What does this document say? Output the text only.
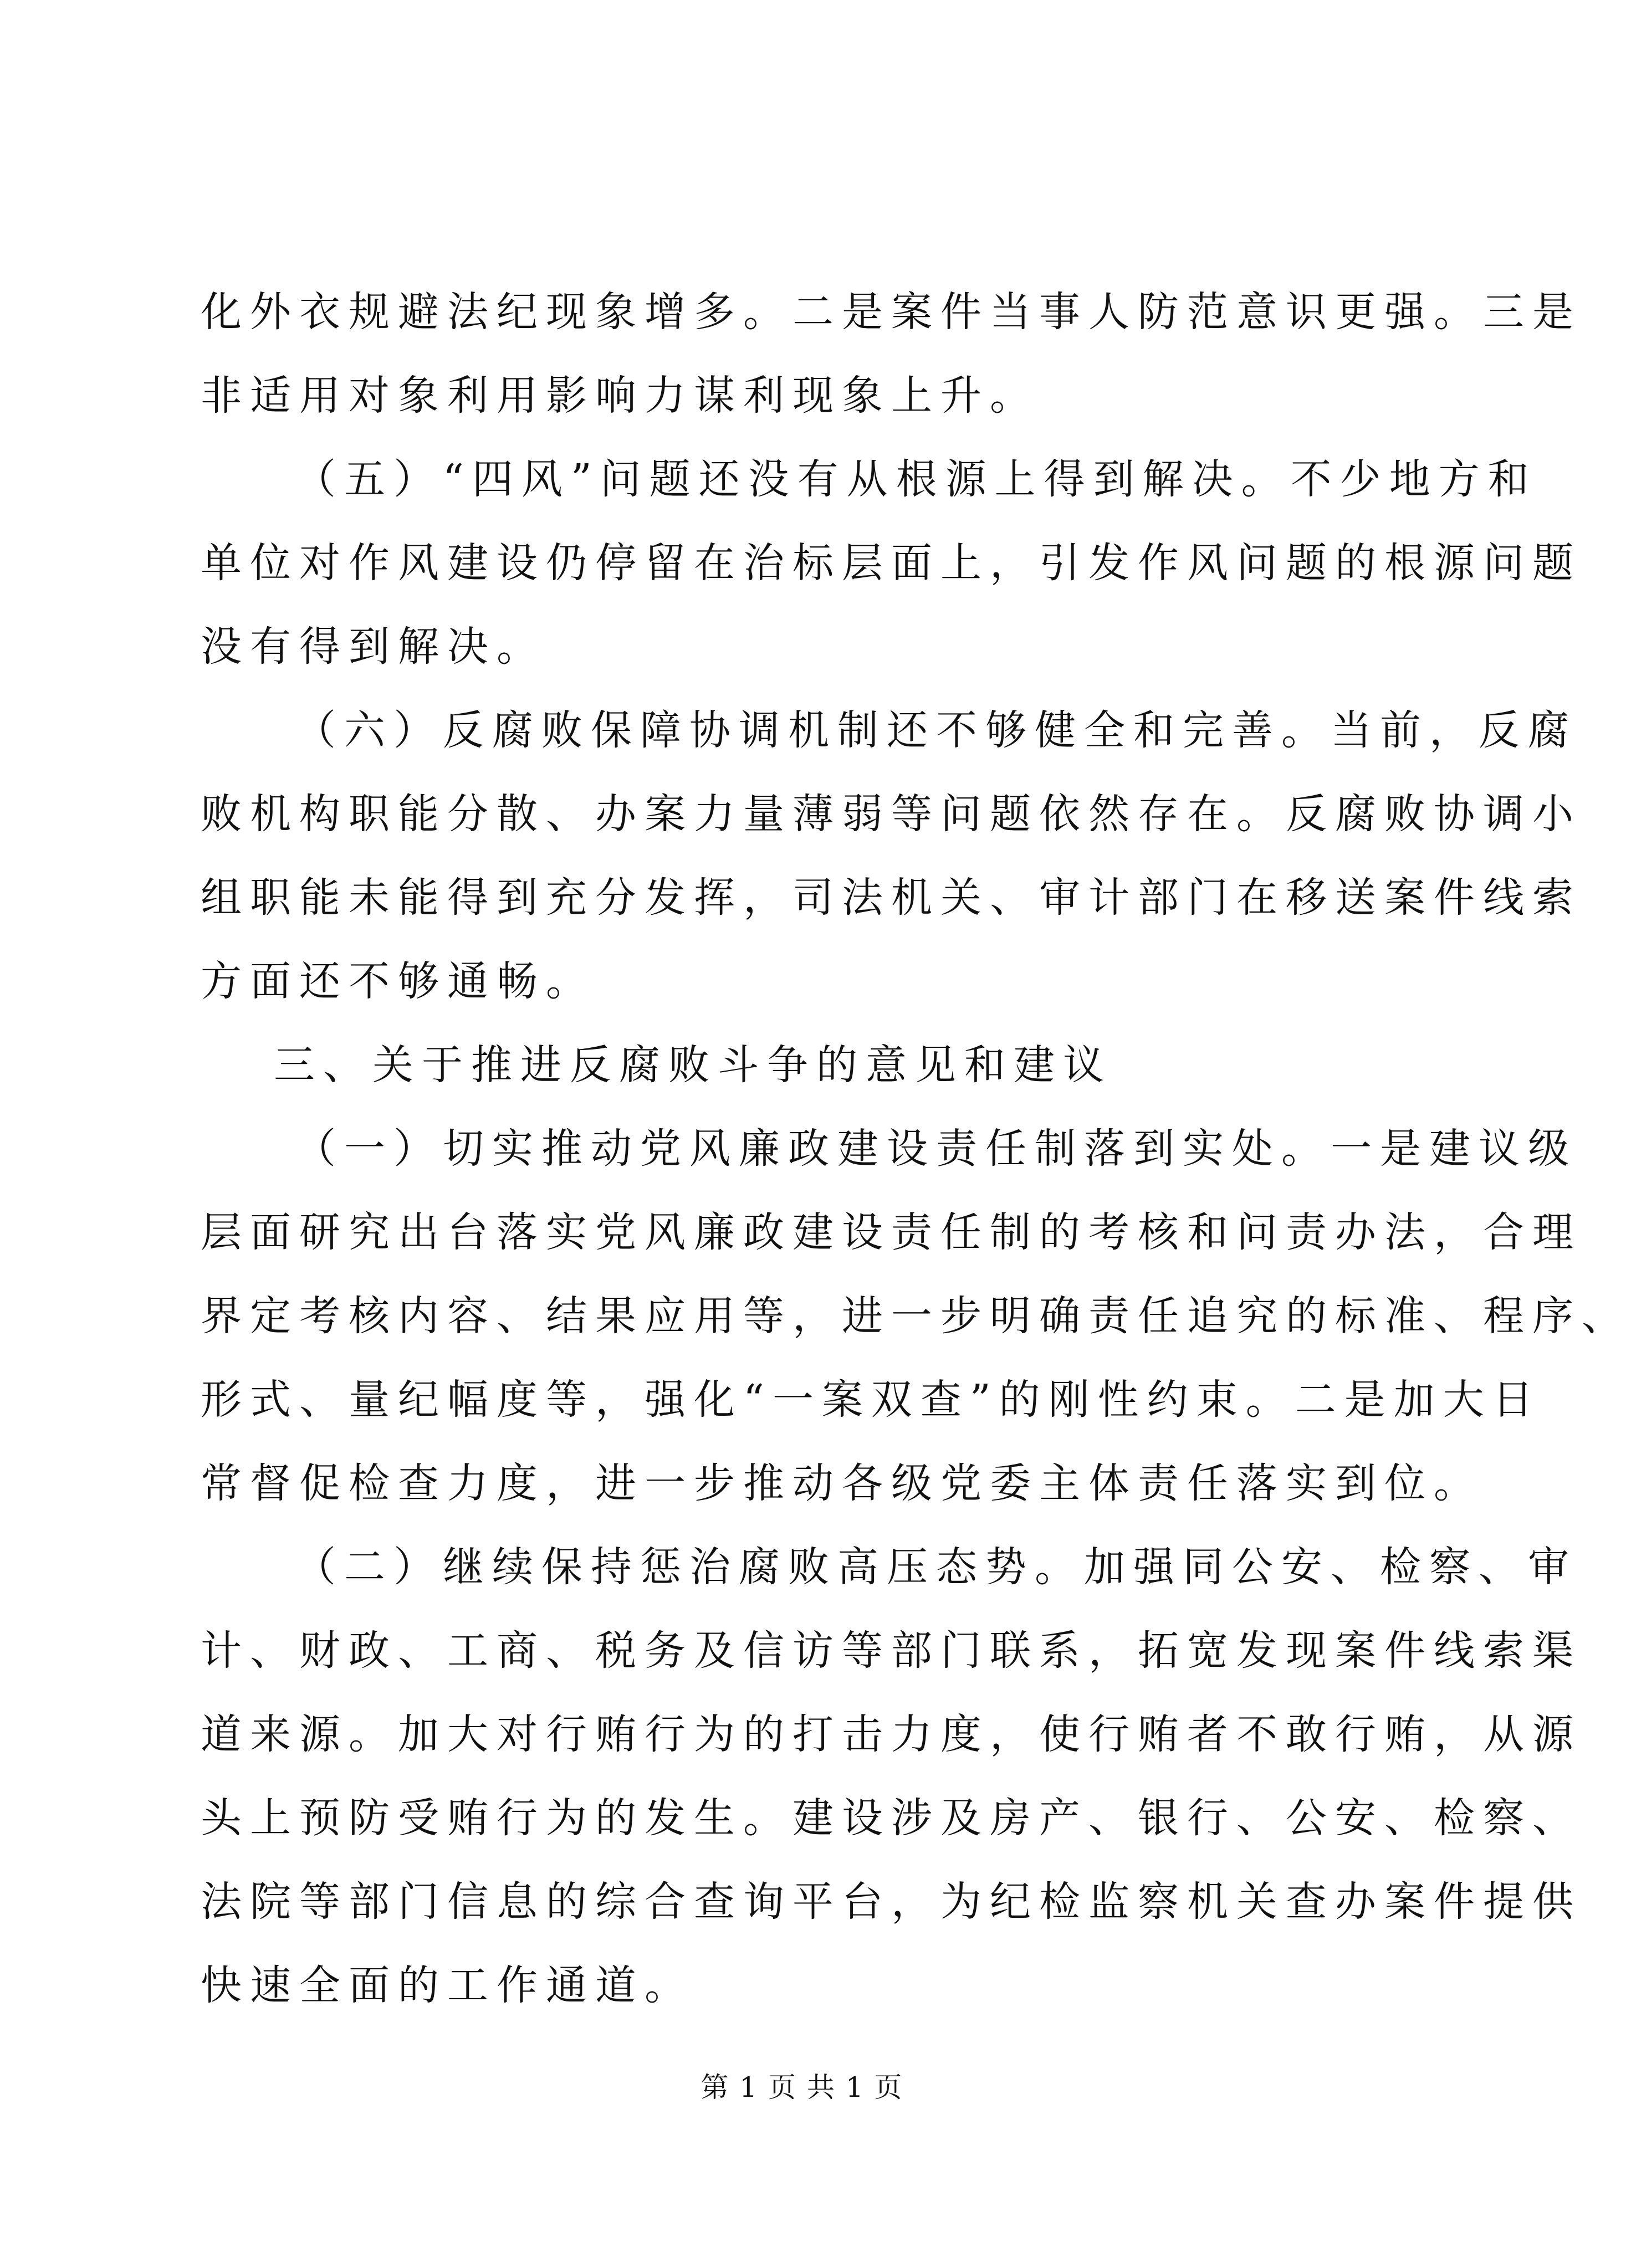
化外衣规避法纪现象增多。二是案件当事人防范意识更强。三是
非适用对象利用影响力谋利现象上升。
（五）“四风”问题还没有从根源上得到解决。不少地方和
单位对作风建设仍停留在治标层面上，引发作风问题的根源问题
没有得到解决。
（六）反腐败保障协调机制还不够健全和完善。当前，反腐
败机构职能分散、办案力量薄弱等问题依然存在。反腐败协调小
组职能未能得到充分发挥，司法机关、审计部门在移送案件线索
方面还不够通畅。
三、关于推进反腐败斗争的意见和建议
（一）切实推动党风廉政建设责任制落到实处。一是建议级
层面研究出台落实党风廉政建设责任制的考核和问责办法，合理
界定考核内容、结果应用等，进一步明确责任追究的标准、程序、
形式、量纪幅度等，强化“一案双查”的刚性约束。二是加大日
常督促检查力度，进一步推动各级党委主体责任落实到位。
（二）继续保持惩治腐败高压态势。加强同公安、检察、审
计、财政、工商、税务及信访等部门联系，拓宽发现案件线索渠
道来源。加大对行贿行为的打击力度，使行贿者不敢行贿，从源
头上预防受贿行为的发生。建设涉及房产、银行、公安、检察、
法院等部门信息的综合查询平台，为纪检监察机关查办案件提供
快速全面的工作通道。
第 1 页 共 1 页
